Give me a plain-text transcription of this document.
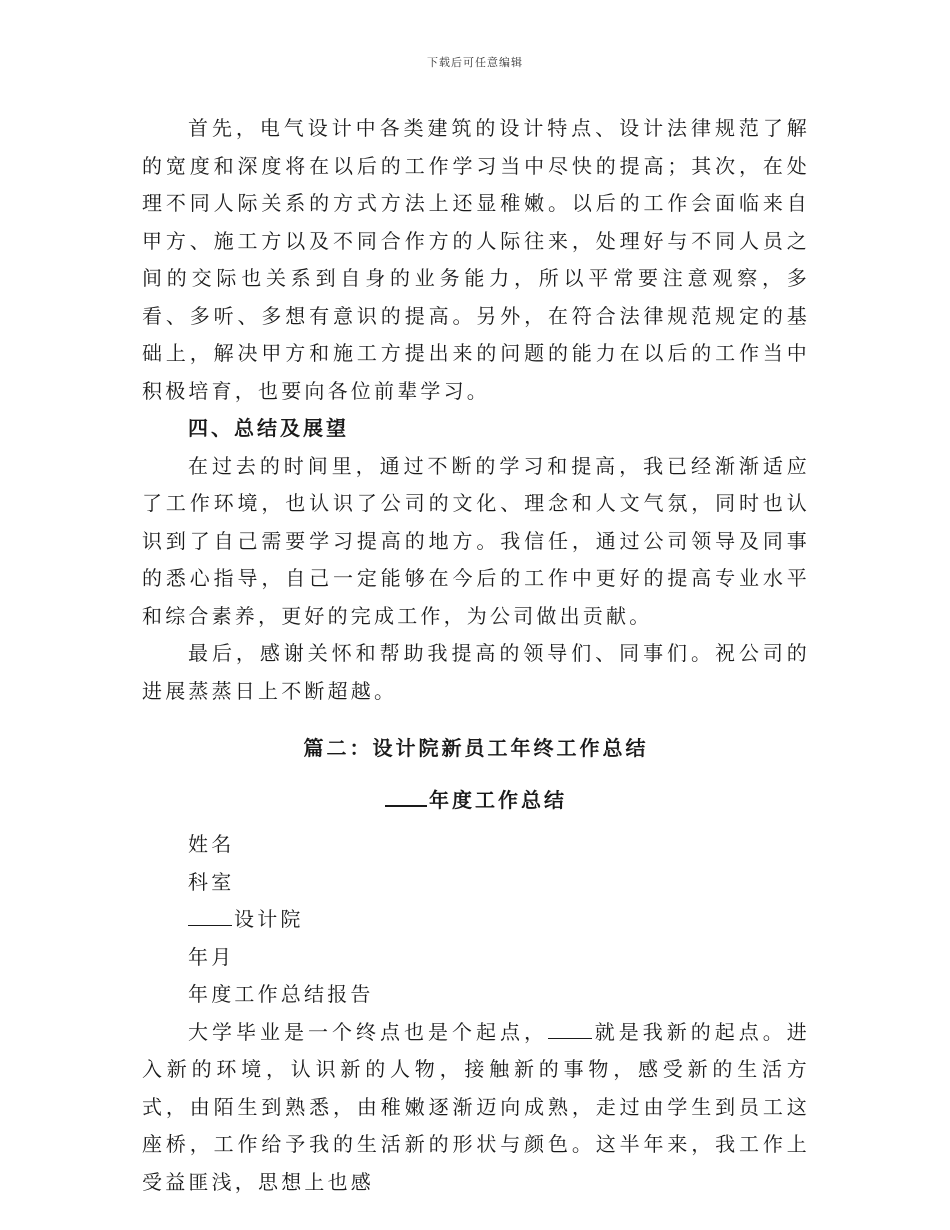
下载后可任意编辑

首先，电气设计中各类建筑的设计特点、设计法律规范了解的宽度和深度将在以后的工作学习当中尽快的提高；其次，在处理不同人际关系的方式方法上还显稚嫩。以后的工作会面临来自甲方、施工方以及不同合作方的人际往来，处理好与不同人员之间的交际也关系到自身的业务能力，所以平常要注意观察，多看、多听、多想有意识的提高。另外，在符合法律规范规定的基础上，解决甲方和施工方提出来的问题的能力在以后的工作当中积极培育，也要向各位前辈学习。

四、总结及展望

在过去的时间里，通过不断的学习和提高，我已经渐渐适应了工作环境，也认识了公司的文化、理念和人文气氛，同时也认识到了自己需要学习提高的地方。我信任，通过公司领导及同事的悉心指导，自己一定能够在今后的工作中更好的提高专业水平和综合素养，更好的完成工作，为公司做出贡献。

最后，感谢关怀和帮助我提高的领导们、同事们。祝公司的进展蒸蒸日上不断超越。

篇二：设计院新员工年终工作总结

年度工作总结

姓名

科室

设计院

年月

年度工作总结报告

大学毕业是一个终点也是个起点， 就是我新的起点。进入新的环境，认识新的人物，接触新的事物，感受新的生活方式，由陌生到熟悉，由稚嫩逐渐迈向成熟，走过由学生到员工这座桥，工作给予我的生活新的形状与颜色。这半年来，我工作上受益匪浅，思想上也感
